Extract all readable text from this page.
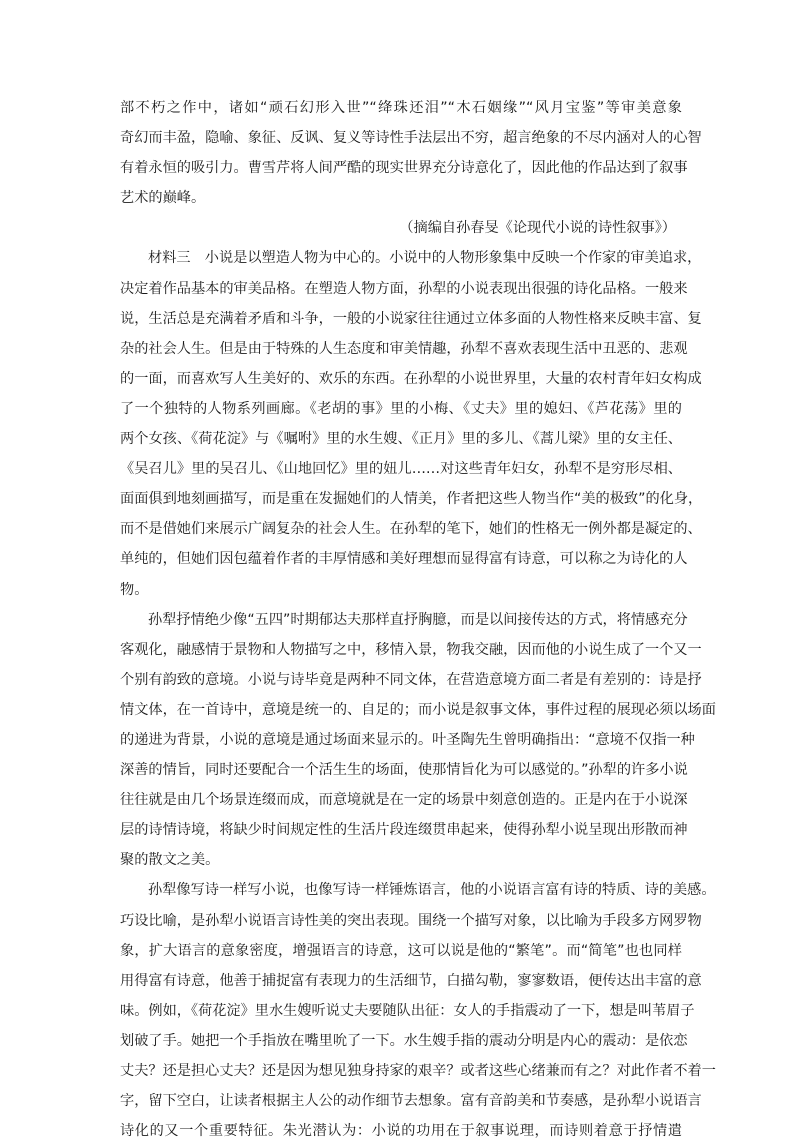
部不朽之作中，诸如“顽石幻形入世”“绛珠还泪”“木石姻缘”“风月宝鉴”等审美意象
奇幻而丰盈，隐喻、象征、反讽、复义等诗性手法层出不穷，超言绝象的不尽内涵对人的心智
有着永恒的吸引力。曹雪芹将人间严酷的现实世界充分诗意化了，因此他的作品达到了叙事
艺术的巅峰。
（摘编自孙春旻《论现代小说的诗性叙事》）
材料三　小说是以塑造人物为中心的。小说中的人物形象集中反映一个作家的审美追求，
决定着作品基本的审美品格。在塑造人物方面，孙犁的小说表现出很强的诗化品格。一般来
说，生活总是充满着矛盾和斗争，一般的小说家往往通过立体多面的人物性格来反映丰富、复
杂的社会人生。但是由于特殊的人生态度和审美情趣，孙犁不喜欢表现生活中丑恶的、悲观
的一面，而喜欢写人生美好的、欢乐的东西。在孙犁的小说世界里，大量的农村青年妇女构成
了一个独特的人物系列画廊。《老胡的事》里的小梅、《丈夫》里的媳妇、《芦花荡》里的
两个女孩、《荷花淀》与《嘱咐》里的水生嫂、《正月》里的多儿、《蒿儿梁》里的女主任、
《吴召儿》里的吴召儿、《山地回忆》里的妞儿……对这些青年妇女，孙犁不是穷形尽相、
面面俱到地刻画描写，而是重在发掘她们的人情美，作者把这些人物当作“美的极致”的化身，
而不是借她们来展示广阔复杂的社会人生。在孙犁的笔下，她们的性格无一例外都是凝定的、
单纯的，但她们因包蕴着作者的丰厚情感和美好理想而显得富有诗意，可以称之为诗化的人
物。
孙犁抒情绝少像“五四”时期郁达夫那样直抒胸臆，而是以间接传达的方式，将情感充分
客观化，融感情于景物和人物描写之中，移情入景，物我交融，因而他的小说生成了一个又一
个别有韵致的意境。小说与诗毕竟是两种不同文体，在营造意境方面二者是有差别的：诗是抒
情文体，在一首诗中，意境是统一的、自足的；而小说是叙事文体，事件过程的展现必须以场面
的递进为背景，小说的意境是通过场面来显示的。叶圣陶先生曾明确指出：“意境不仅指一种
深善的情旨，同时还要配合一个活生生的场面，使那情旨化为可以感觉的。”孙犁的许多小说
往往就是由几个场景连缀而成，而意境就是在一定的场景中刻意创造的。正是内在于小说深
层的诗情诗境，将缺少时间规定性的生活片段连缀贯串起来，使得孙犁小说呈现出形散而神
聚的散文之美。
孙犁像写诗一样写小说，也像写诗一样锤炼语言，他的小说语言富有诗的特质、诗的美感。
巧设比喻，是孙犁小说语言诗性美的突出表现。围绕一个描写对象，以比喻为手段多方网罗物
象，扩大语言的意象密度，增强语言的诗意，这可以说是他的“繁笔”。而“简笔”也也同样
用得富有诗意，他善于捕捉富有表现力的生活细节，白描勾勒，寥寥数语，便传达出丰富的意
味。例如，《荷花淀》里水生嫂听说丈夫要随队出征：女人的手指震动了一下，想是叫苇眉子
划破了手。她把一个手指放在嘴里吮了一下。水生嫂手指的震动分明是内心的震动：是依恋
丈夫？还是担心丈夫？还是因为想见独身持家的艰辛？或者这些心绪兼而有之？对此作者不着一
字，留下空白，让读者根据主人公的动作细节去想象。富有音韵美和节奏感，是孙犁小说语言
诗化的又一个重要特征。朱光潜认为：小说的功用在于叙事说理，而诗则着意于抒情遣
